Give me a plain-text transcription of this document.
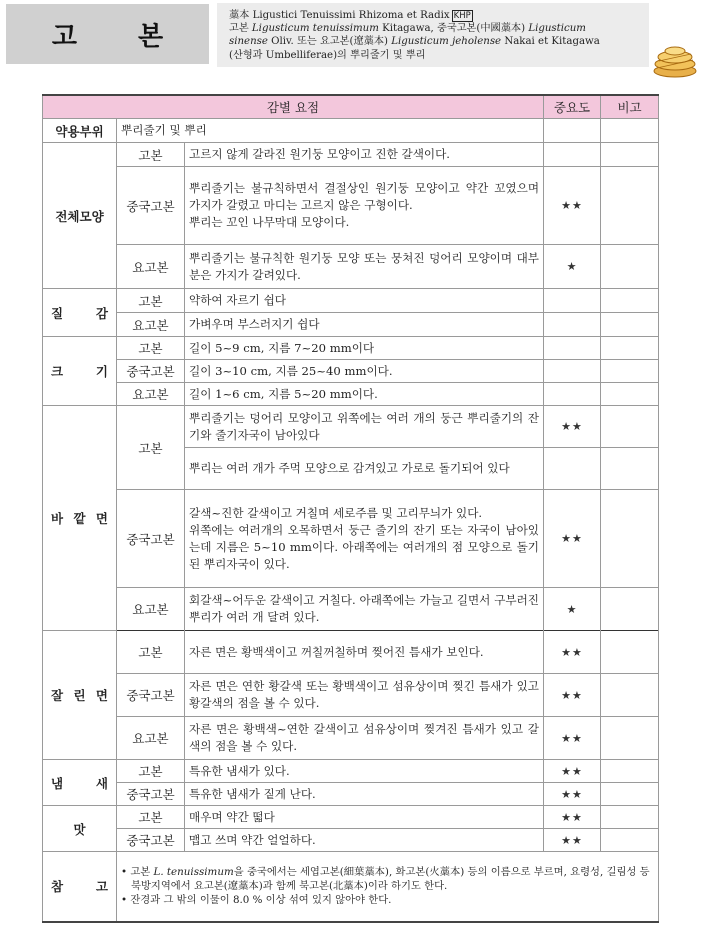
고 본
藁本 Ligustici Tenuissimi Rhizoma et Radix KHP
고본 Ligusticum tenuissimum Kitagawa, 중국고본(中國藁本) Ligusticum
sinense Oliv. 또는 요고본(遼藁本) Ligusticum jeholense Nakai et Kitagawa
(산형과 Umbelliferae)의 뿌리줄기 및 뿌리
감별 요점			중요도	비고
약용부위	뿌리줄기 및 뿌리			
전체모양	고본	고르지 않게 갈라진 원기둥 모양이고 진한 갈색이다.		
	중국고본	뿌리줄기는 불규칙하면서 결절상인 원기둥 모양이고 약간 꼬였으며 가지가 갈렸고 마디는 고르지 않은 구형이다.
뿌리는 꼬인 나무막대 모양이다.	★★	
	요고본	뿌리줄기는 불규칙한 원기둥 모양 또는 뭉쳐진 덩어리 모양이며 대부분은 가지가 갈려있다.	★	
질 감	고본	약하여 자르기 쉽다		
	요고본	가벼우며 부스러지기 쉽다		
크 기	고본	길이 5~9 cm, 지름 7~20 mm이다		
	중국고본	길이 3~10 cm, 지름 25~40 mm이다.		
	요고본	길이 1~6 cm, 지름 5~20 mm이다.		
바 깥 면	고본	뿌리줄기는 덩어리 모양이고 위쪽에는 여러 개의 둥근 뿌리줄기의 잔기와 줄기자국이 남아있다	★★	
		뿌리는 여러 개가 주먹 모양으로 감겨있고 가로로 돌기되어 있다		
	중국고본	갈색~진한 갈색이고 거칠며 세로주름 및 고리무늬가 있다.
위쪽에는 여러개의 오목하면서 둥근 줄기의 잔기 또는 자국이 남아있는데 지름은 5~10 mm이다. 아래쪽에는 여러개의 점 모양으로 돌기된 뿌리자국이 있다.	★★	
	요고본	회갈색~어두운 갈색이고 거칠다. 아래쪽에는 가늘고 길면서 구부러진 뿌리가 여러 개 달려 있다.	★	

잘 린 면	고본	자른 면은 황백색이고 꺼칠꺼칠하며 찢어진 틈새가 보인다.	★★	
	중국고본	자른 면은 연한 황갈색 또는 황백색이고 섬유상이며 찢긴 틈새가 있고 황갈색의 점을 볼 수 있다.	★★	
	요고본	자른 면은 황백색~연한 갈색이고 섬유상이며 찢겨진 틈새가 있고 갈색의 점을 볼 수 있다.	★★	
냄 새	고본	특유한 냄새가 있다.	★★	
	중국고본	특유한 냄새가 짙게 난다.	★★	
맛	고본	매우며 약간 떫다	★★	
	중국고본	맵고 쓰며 약간 얼얼하다.	★★	
참 고	• 고본 L. tenuissimum을 중국에서는 세엽고본(細葉藁本), 화고본(火藁本) 등의 이름으로 부르며, 요령성, 길림성 등 북방지역에서 요고본(遼藁本)과 함께 북고본(北藁本)이라 하기도 한다.
• 잔경과 그 밖의 이물이 8.0 % 이상 섞여 있지 않아야 한다.			
